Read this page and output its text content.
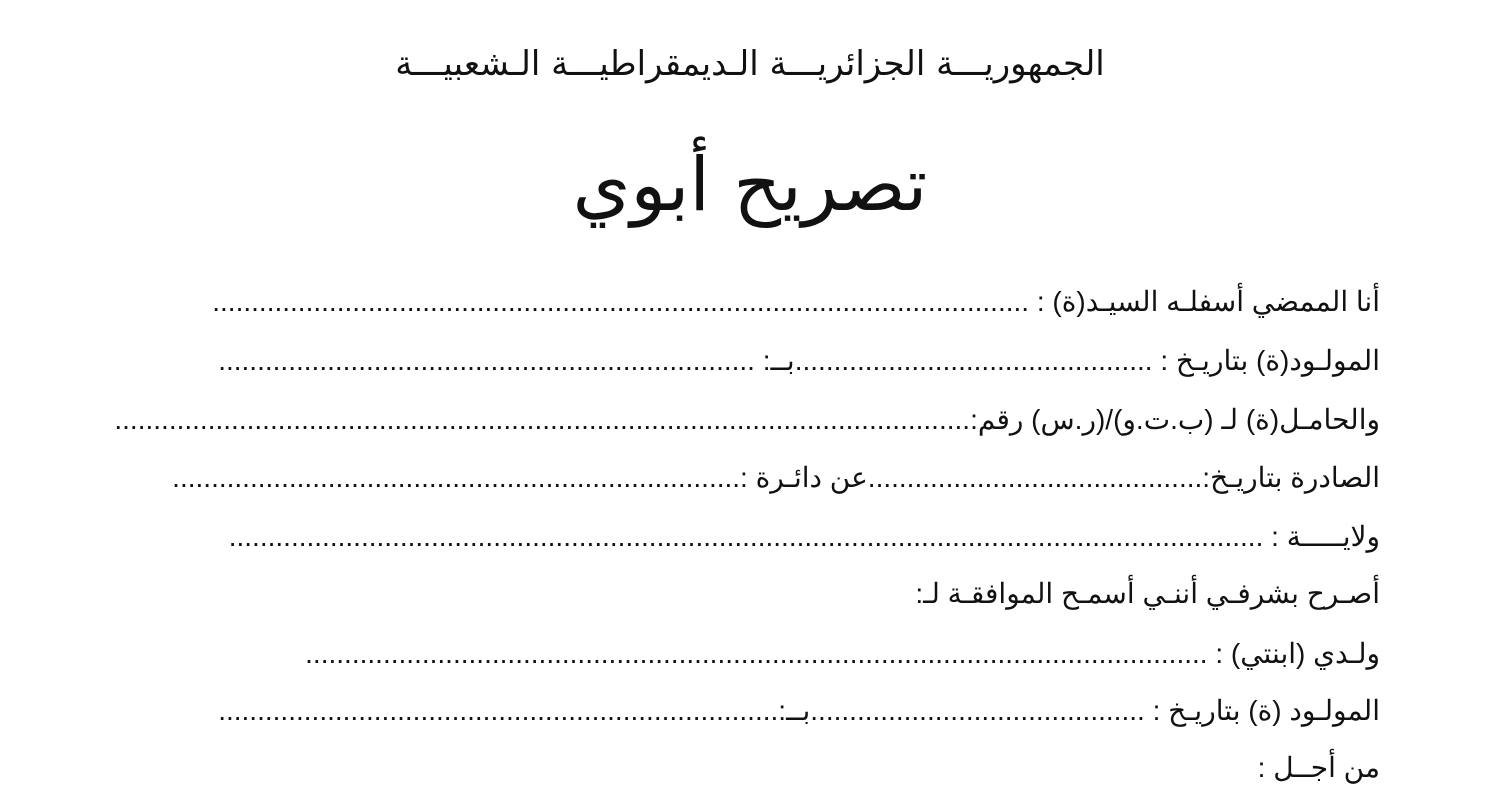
الجمهوريـــة الجزائريـــة الـديمقراطيـــة الـشعبيـــة
تصريح أبوي
أنا الممضي أسفلـه السيـد(ة) : .........................................................................................................
المولـود(ة) بتاريـخ : ..............................................بــ: .....................................................................
والحامـل(ة) لـ (ب.ت.و)/(ر.س) رقم:..............................................................................................................
الصادرة بتاريـخ:...........................................عن دائـرة :.........................................................................
ولايـــــة : .....................................................................................................................................
أصـرح بشرفـي أننـي أسمـح الموافقـة لـ:
ولـدي (ابنتي) : ....................................................................................................................
المولـود (ة) بتاريـخ : ...........................................بــ:........................................................................
من أجــل :
